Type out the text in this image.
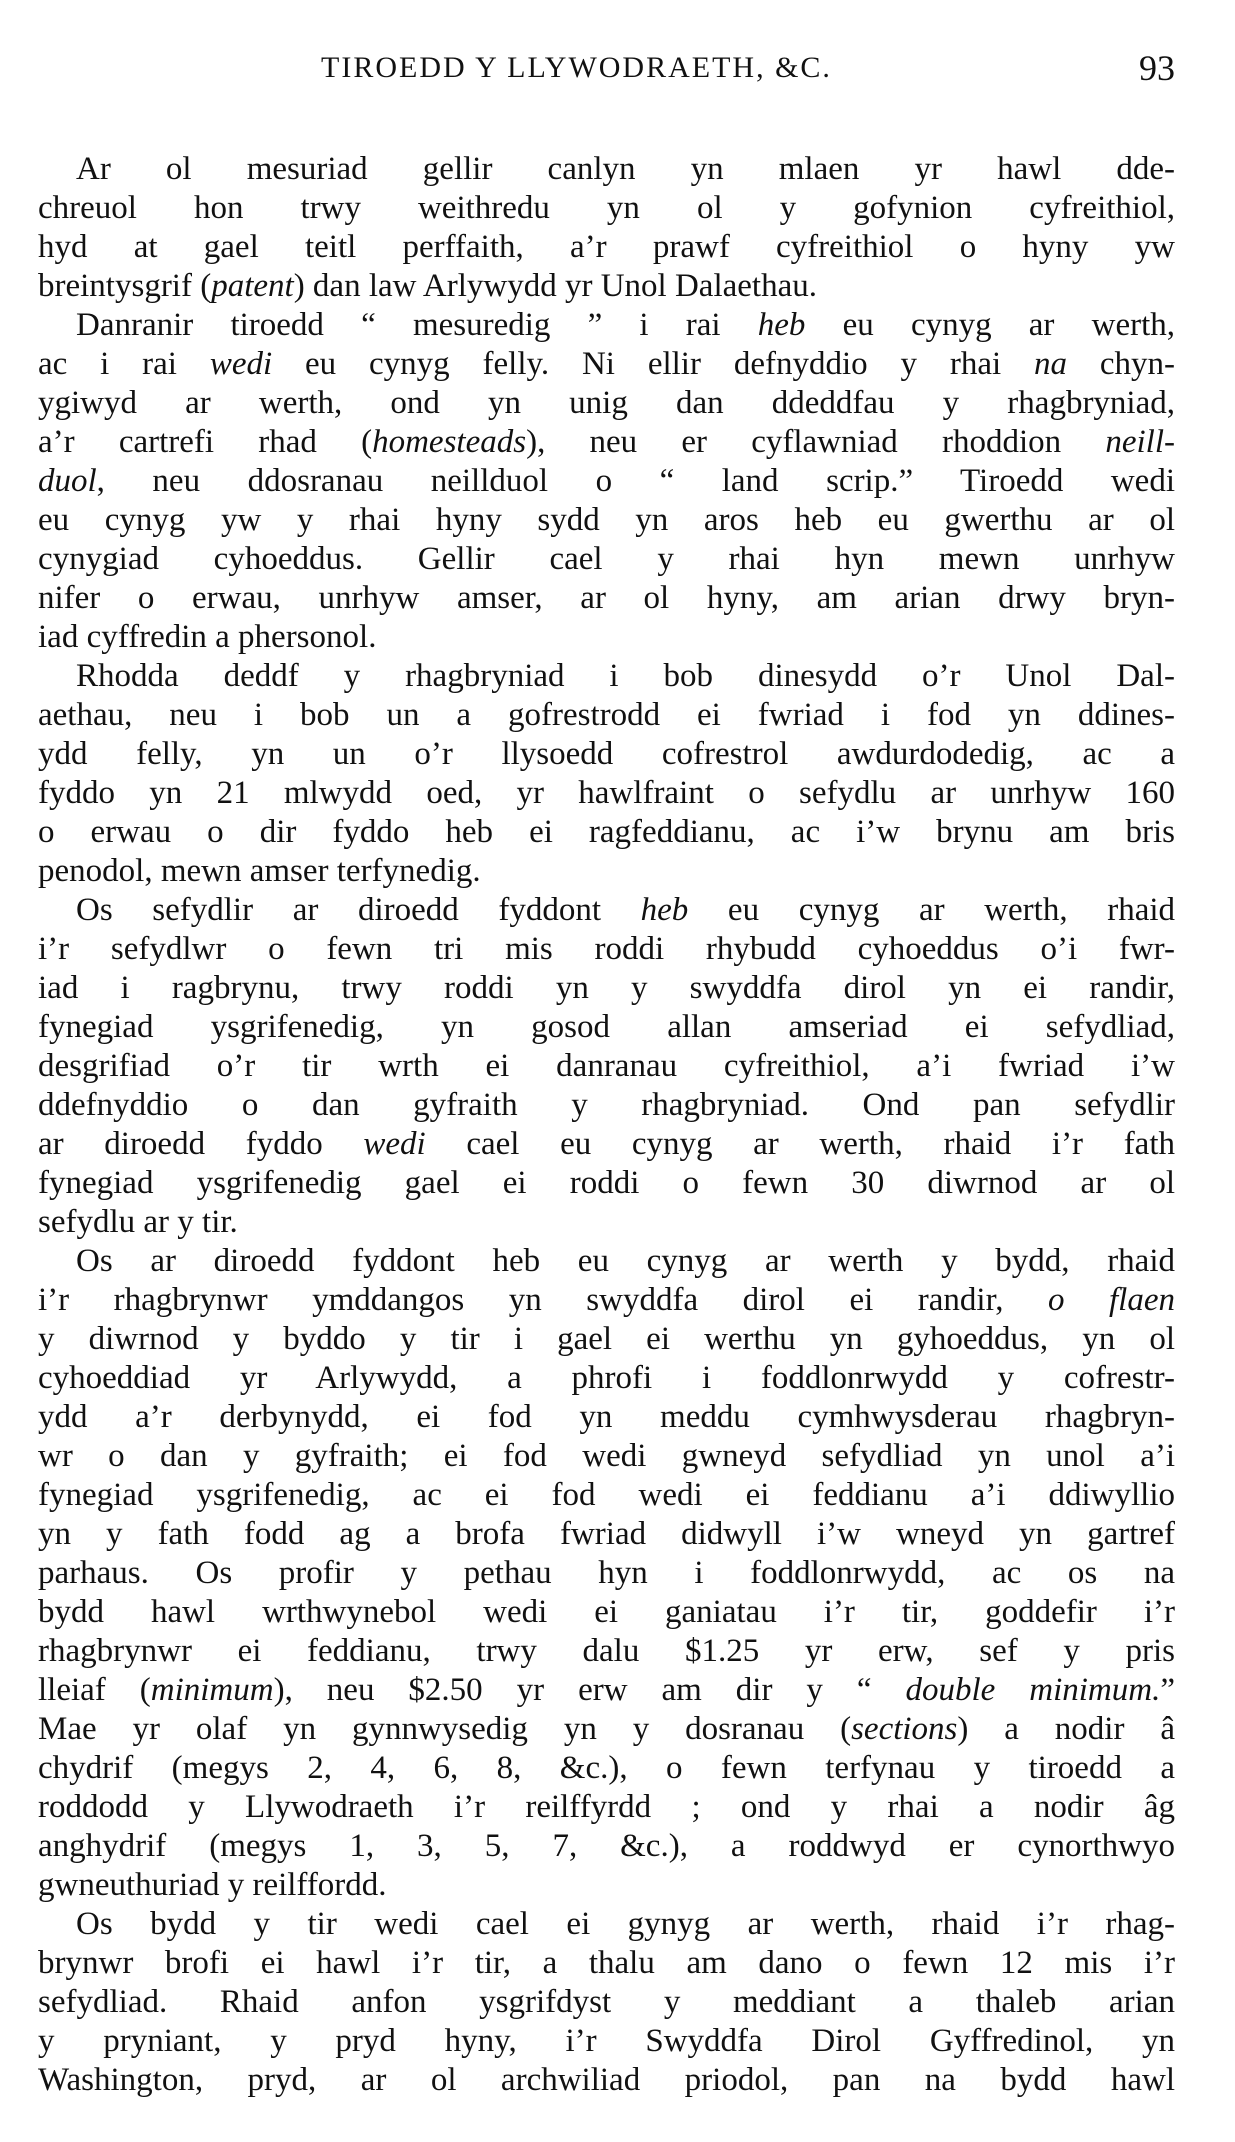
TIROEDD Y LLYWODRAETH, &C.	93
Ar ol mesuriad gellir canlyn yn mlaen yr hawl dde-
chreuol hon trwy weithredu yn ol y gofynion cyfreithiol,
hyd at gael teitl perffaith, a’r prawf cyfreithiol o hyny yw
breintysgrif (patent) dan law Arlywydd yr Unol Dalaethau.
Danranir tiroedd “ mesuredig ” i rai heb eu cynyg ar werth,
ac i rai wedi eu cynyg felly. Ni ellir defnyddio y rhai na chyn-
ygiwyd ar werth, ond yn unig dan ddeddfau y rhagbryniad,
a’r cartrefi rhad (homesteads), neu er cyflawniad rhoddion neill-
duol, neu ddosranau neillduol o “ land scrip.” Tiroedd wedi
eu cynyg yw y rhai hyny sydd yn aros heb eu gwerthu ar ol
cynygiad cyhoeddus. Gellir cael y rhai hyn mewn unrhyw
nifer o erwau, unrhyw amser, ar ol hyny, am arian drwy bryn-
iad cyffredin a phersonol.
Rhodda deddf y rhagbryniad i bob dinesydd o’r Unol Dal-
aethau, neu i bob un a gofrestrodd ei fwriad i fod yn ddines-
ydd felly, yn un o’r llysoedd cofrestrol awdurdodedig, ac a
fyddo yn 21 mlwydd oed, yr hawlfraint o sefydlu ar unrhyw 160
o erwau o dir fyddo heb ei ragfeddianu, ac i’w brynu am bris
penodol, mewn amser terfynedig.
Os sefydlir ar diroedd fyddont heb eu cynyg ar werth, rhaid
i’r sefydlwr o fewn tri mis roddi rhybudd cyhoeddus o’i fwr-
iad i ragbrynu, trwy roddi yn y swyddfa dirol yn ei randir,
fynegiad ysgrifenedig, yn gosod allan amseriad ei sefydliad,
desgrifiad o’r tir wrth ei danranau cyfreithiol, a’i fwriad i’w
ddefnyddio o dan gyfraith y rhagbryniad. Ond pan sefydlir
ar diroedd fyddo wedi cael eu cynyg ar werth, rhaid i’r fath
fynegiad ysgrifenedig gael ei roddi o fewn 30 diwrnod ar ol
sefydlu ar y tir.
Os ar diroedd fyddont heb eu cynyg ar werth y bydd, rhaid
i’r rhagbrynwr ymddangos yn swyddfa dirol ei randir, o flaen
y diwrnod y byddo y tir i gael ei werthu yn gyhoeddus, yn ol
cyhoeddiad yr Arlywydd, a phrofi i foddlonrwydd y cofrestr-
ydd a’r derbynydd, ei fod yn meddu cymhwysderau rhagbryn-
wr o dan y gyfraith; ei fod wedi gwneyd sefydliad yn unol a’i
fynegiad ysgrifenedig, ac ei fod wedi ei feddianu a’i ddiwyllio
yn y fath fodd ag a brofa fwriad didwyll i’w wneyd yn gartref
parhaus. Os profir y pethau hyn i foddlonrwydd, ac os na
bydd hawl wrthwynebol wedi ei ganiatau i’r tir, goddefir i’r
rhagbrynwr ei feddianu, trwy dalu $1.25 yr erw, sef y pris
lleiaf (minimum), neu $2.50 yr erw am dir y “ double minimum.”
Mae yr olaf yn gynnwysedig yn y dosranau (sections) a nodir â
chydrif (megys 2, 4, 6, 8, &c.), o fewn terfynau y tiroedd a
roddodd y Llywodraeth i’r reilffyrdd ; ond y rhai a nodir âg
anghydrif (megys 1, 3, 5, 7, &c.), a roddwyd er cynorthwyo
gwneuthuriad y reilffordd.
Os bydd y tir wedi cael ei gynyg ar werth, rhaid i’r rhag-
brynwr brofi ei hawl i’r tir, a thalu am dano o fewn 12 mis i’r
sefydliad. Rhaid anfon ysgrifdyst y meddiant a thaleb arian
y pryniant, y pryd hyny, i’r Swyddfa Dirol Gyffredinol, yn
Washington, pryd, ar ol archwiliad priodol, pan na bydd hawl
